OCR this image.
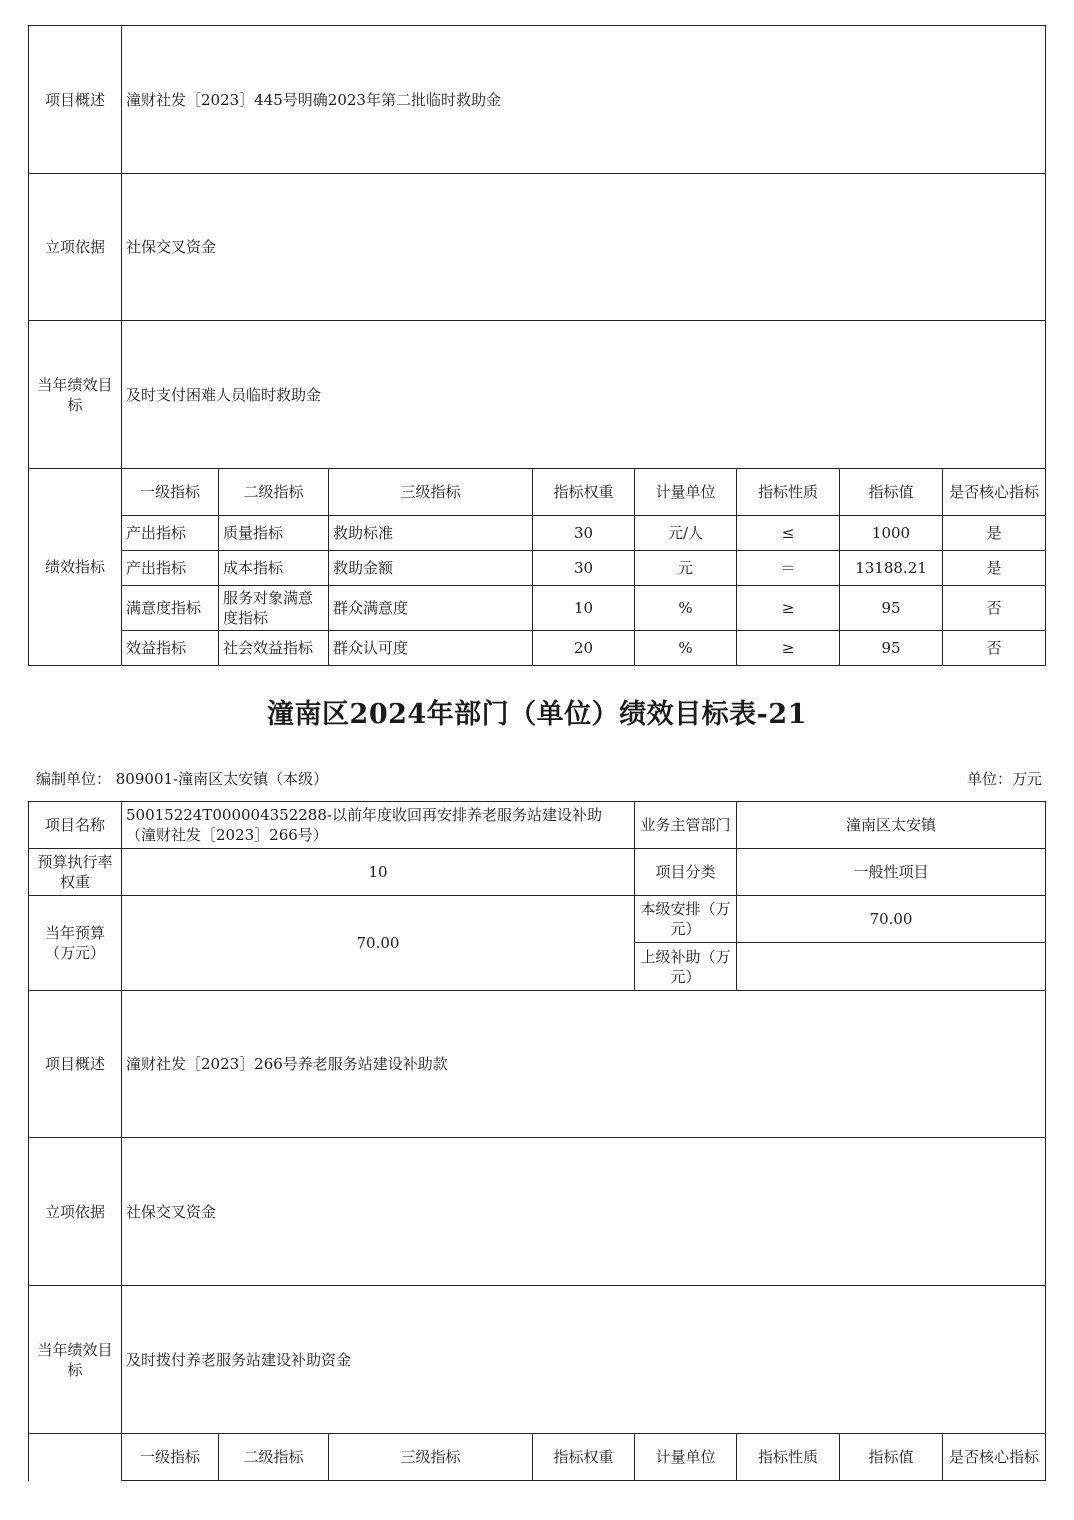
项目概述	潼财社发［2023］445号明确2023年第二批临时救助金							
立项依据	社保交叉资金							
当年绩效目标	及时支付困难人员临时救助金							
绩效指标	一级指标	二级指标	三级指标	指标权重	计量单位	指标性质	指标值	是否核心指标
	产出指标	质量指标	救助标准	30	元/人	≤	1000	是
	产出指标	成本指标	救助金额	30	元	＝	13188.21	是
	满意度指标	服务对象满意度指标	群众满意度	10	%	≥	95	否
	效益指标	社会效益指标	群众认可度	20	%	≥	95	否
潼南区2024年部门（单位）绩效目标表-21
编制单位： 809001-潼南区太安镇（本级）	单位：万元
项目名称	50015224T000004352288-以前年度收回再安排养老服务站建设补助（潼财社发［2023］266号）				业务主管部门	潼南区太安镇		
预算执行率权重	10				项目分类	一般性项目		
当年预算（万元）	70.00				本级安排（万元）	70.00		
					上级补助（万元）			
项目概述	潼财社发［2023］266号养老服务站建设补助款							
立项依据	社保交叉资金							
当年绩效目标	及时拨付养老服务站建设补助资金							
	一级指标	二级指标	三级指标	指标权重	计量单位	指标性质	指标值	是否核心指标
